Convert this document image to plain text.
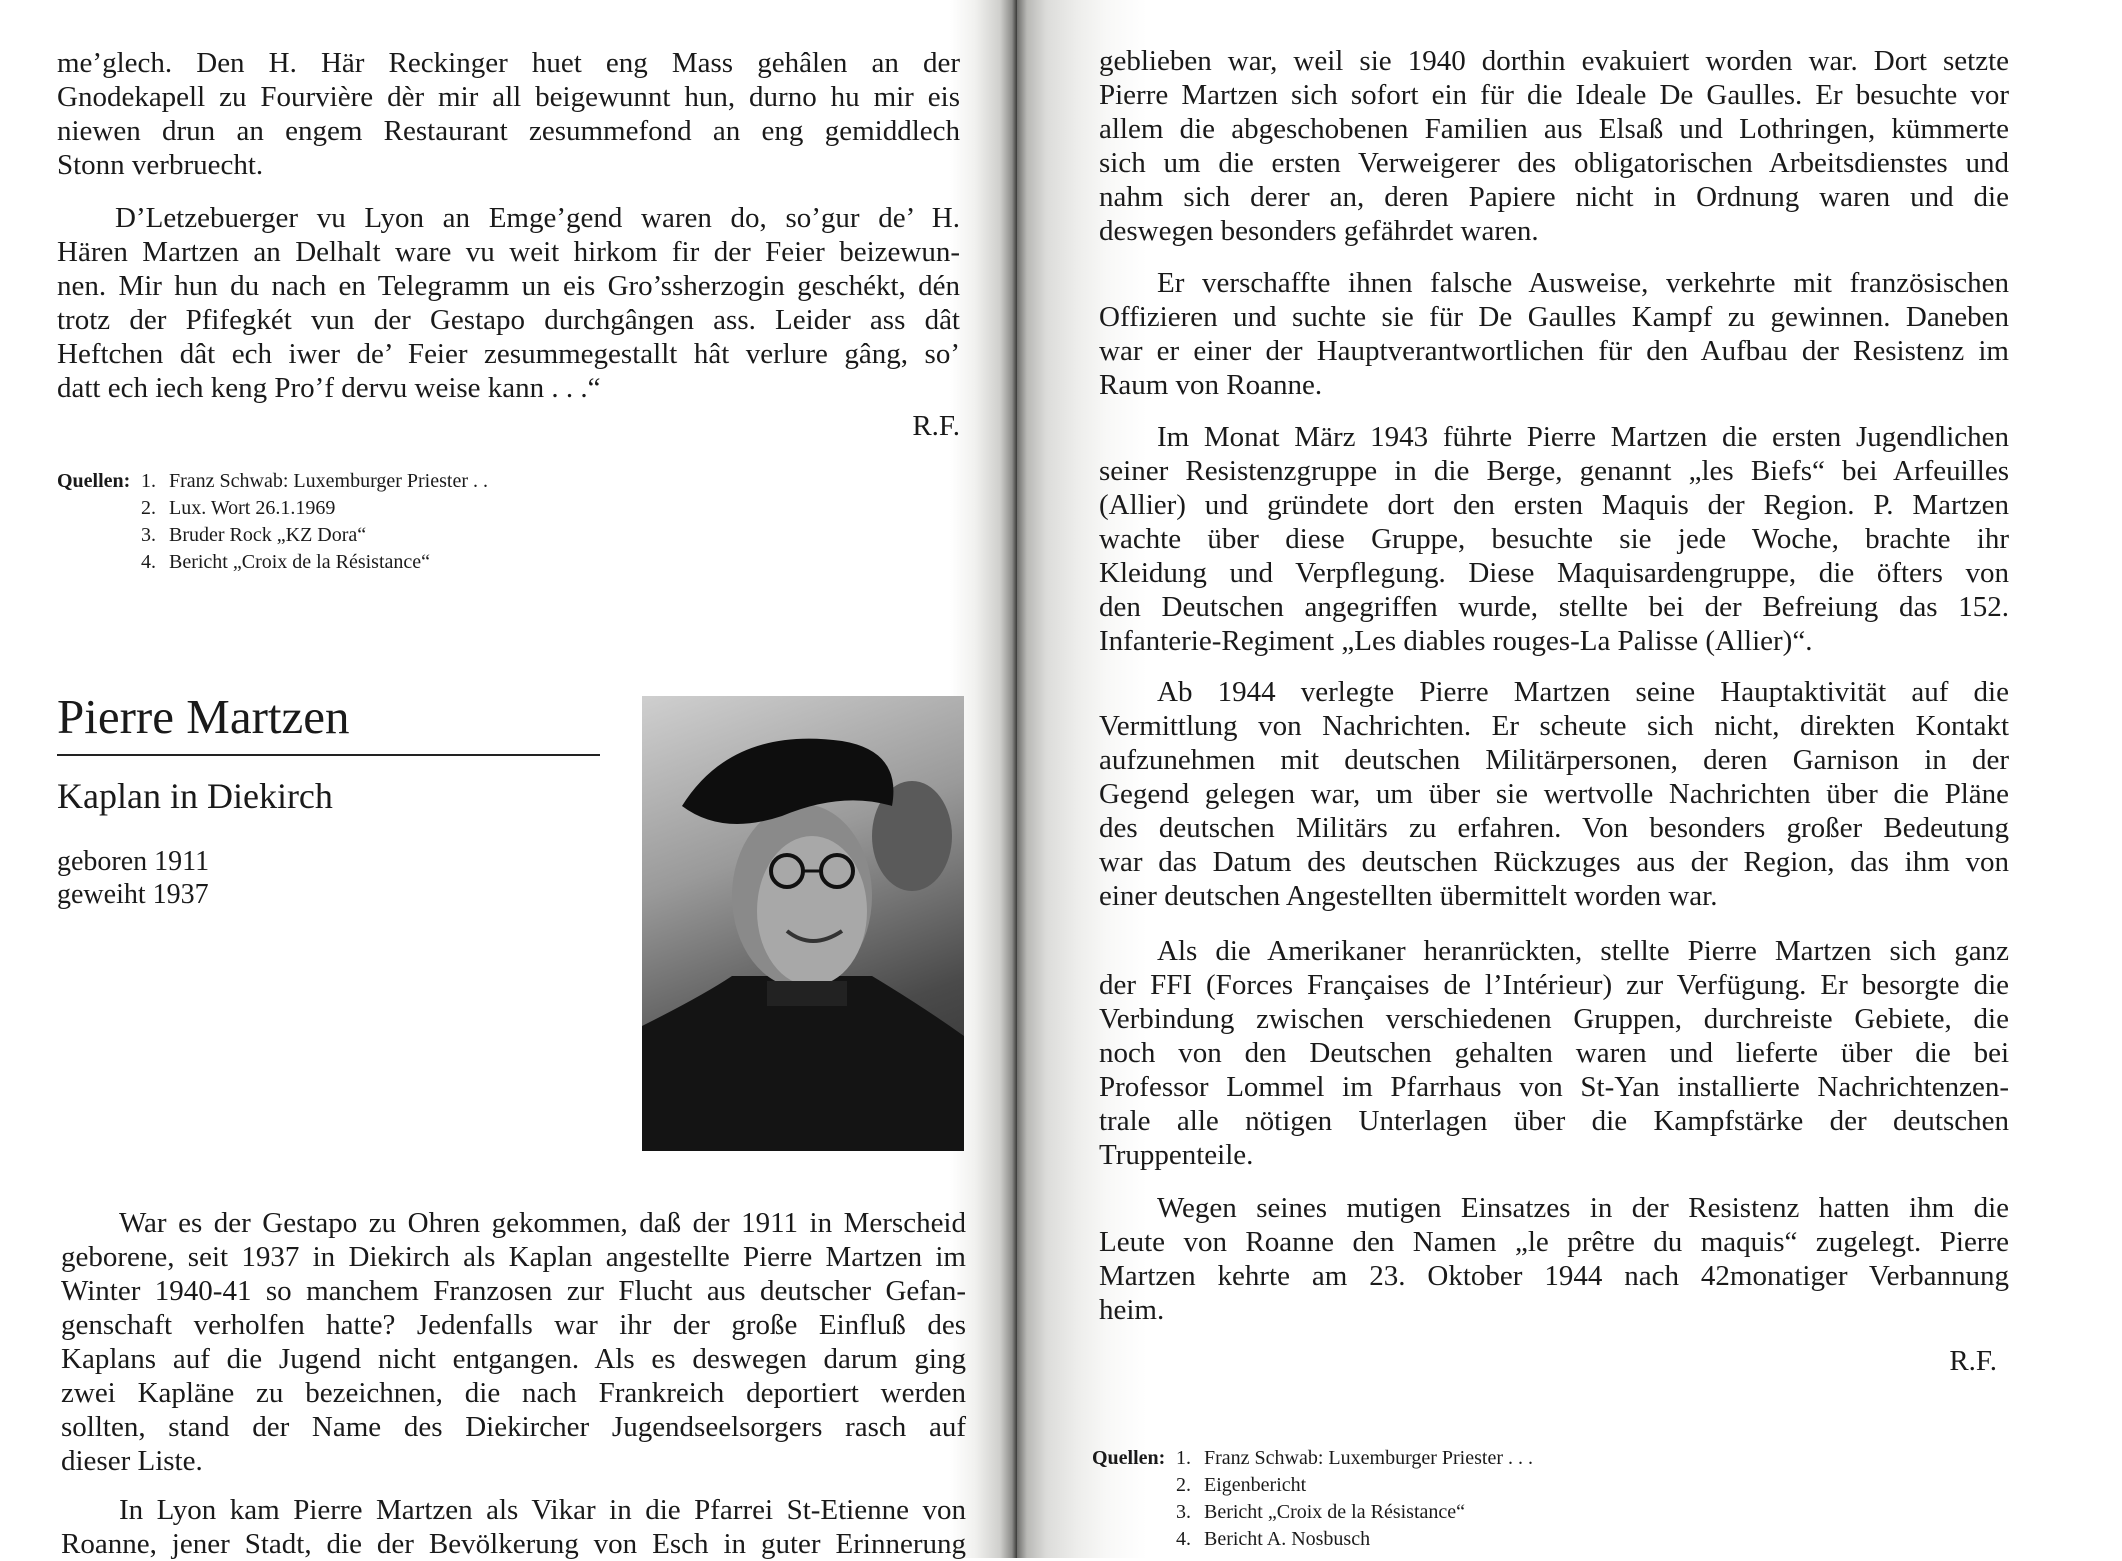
me’glech. Den H. Här Reckinger huet eng Mass gehâlen an der
Gnodekapell zu Fourvière dèr mir all beigewunnt hun, durno hu mir eis
niewen drun an engem Restaurant zesummefond an eng gemiddlech
Stonn verbruecht.
D’Letzebuerger vu Lyon an Emge’gend waren do, so’gur de’ H.
Hären Martzen an Delhalt ware vu weit hirkom fir der Feier beizewun-
nen. Mir hun du nach en Telegramm un eis Gro’ssherzogin geschékt, dén
trotz der Pfifegkét vun der Gestapo durchgângen ass. Leider ass dât
Heftchen dât ech iwer de’ Feier zesummegestallt hât verlure gâng, so’
datt ech iech keng Pro’f dervu weise kann . . .“
R.F.
Quellen: 1. Franz Schwab: Luxemburger Priester . .
2. Lux. Wort 26.1.1969
3. Bruder Rock „KZ Dora“
4. Bericht „Croix de la Résistance“
Pierre Martzen
Kaplan in Diekirch
geboren 1911
geweiht 1937
War es der Gestapo zu Ohren gekommen, daß der 1911 in Merscheid
geborene, seit 1937 in Diekirch als Kaplan angestellte Pierre Martzen im
Winter 1940-41 so manchem Franzosen zur Flucht aus deutscher Gefan-
genschaft verholfen hatte? Jedenfalls war ihr der große Einfluß des
Kaplans auf die Jugend nicht entgangen. Als es deswegen darum ging
zwei Kapläne zu bezeichnen, die nach Frankreich deportiert werden
sollten, stand der Name des Diekircher Jugendseelsorgers rasch auf
dieser Liste.
In Lyon kam Pierre Martzen als Vikar in die Pfarrei St-Etienne von
Roanne, jener Stadt, die der Bevölkerung von Esch in guter Erinnerung
geblieben war, weil sie 1940 dorthin evakuiert worden war. Dort setzte
Pierre Martzen sich sofort ein für die Ideale De Gaulles. Er besuchte vor
allem die abgeschobenen Familien aus Elsaß und Lothringen, kümmerte
sich um die ersten Verweigerer des obligatorischen Arbeitsdienstes und
nahm sich derer an, deren Papiere nicht in Ordnung waren und die
deswegen besonders gefährdet waren.
Er verschaffte ihnen falsche Ausweise, verkehrte mit französischen
Offizieren und suchte sie für De Gaulles Kampf zu gewinnen. Daneben
war er einer der Hauptverantwortlichen für den Aufbau der Resistenz im
Raum von Roanne.
Im Monat März 1943 führte Pierre Martzen die ersten Jugendlichen
seiner Resistenzgruppe in die Berge, genannt „les Biefs“ bei Arfeuilles
(Allier) und gründete dort den ersten Maquis der Region. P. Martzen
wachte über diese Gruppe, besuchte sie jede Woche, brachte ihr
Kleidung und Verpflegung. Diese Maquisardengruppe, die öfters von
den Deutschen angegriffen wurde, stellte bei der Befreiung das 152.
Infanterie-Regiment „Les diables rouges-La Palisse (Allier)“.
Ab 1944 verlegte Pierre Martzen seine Hauptaktivität auf die
Vermittlung von Nachrichten. Er scheute sich nicht, direkten Kontakt
aufzunehmen mit deutschen Militärpersonen, deren Garnison in der
Gegend gelegen war, um über sie wertvolle Nachrichten über die Pläne
des deutschen Militärs zu erfahren. Von besonders großer Bedeutung
war das Datum des deutschen Rückzuges aus der Region, das ihm von
einer deutschen Angestellten übermittelt worden war.
Als die Amerikaner heranrückten, stellte Pierre Martzen sich ganz
der FFI (Forces Françaises de l’Intérieur) zur Verfügung. Er besorgte die
Verbindung zwischen verschiedenen Gruppen, durchreiste Gebiete, die
noch von den Deutschen gehalten waren und lieferte über die bei
Professor Lommel im Pfarrhaus von St-Yan installierte Nachrichtenzen-
trale alle nötigen Unterlagen über die Kampfstärke der deutschen
Truppenteile.
Wegen seines mutigen Einsatzes in der Resistenz hatten ihm die
Leute von Roanne den Namen „le prêtre du maquis“ zugelegt. Pierre
Martzen kehrte am 23. Oktober 1944 nach 42monatiger Verbannung
heim.
R.F.
Quellen: 1. Franz Schwab: Luxemburger Priester . . .
2. Eigenbericht
3. Bericht „Croix de la Résistance“
4. Bericht A. Nosbusch
